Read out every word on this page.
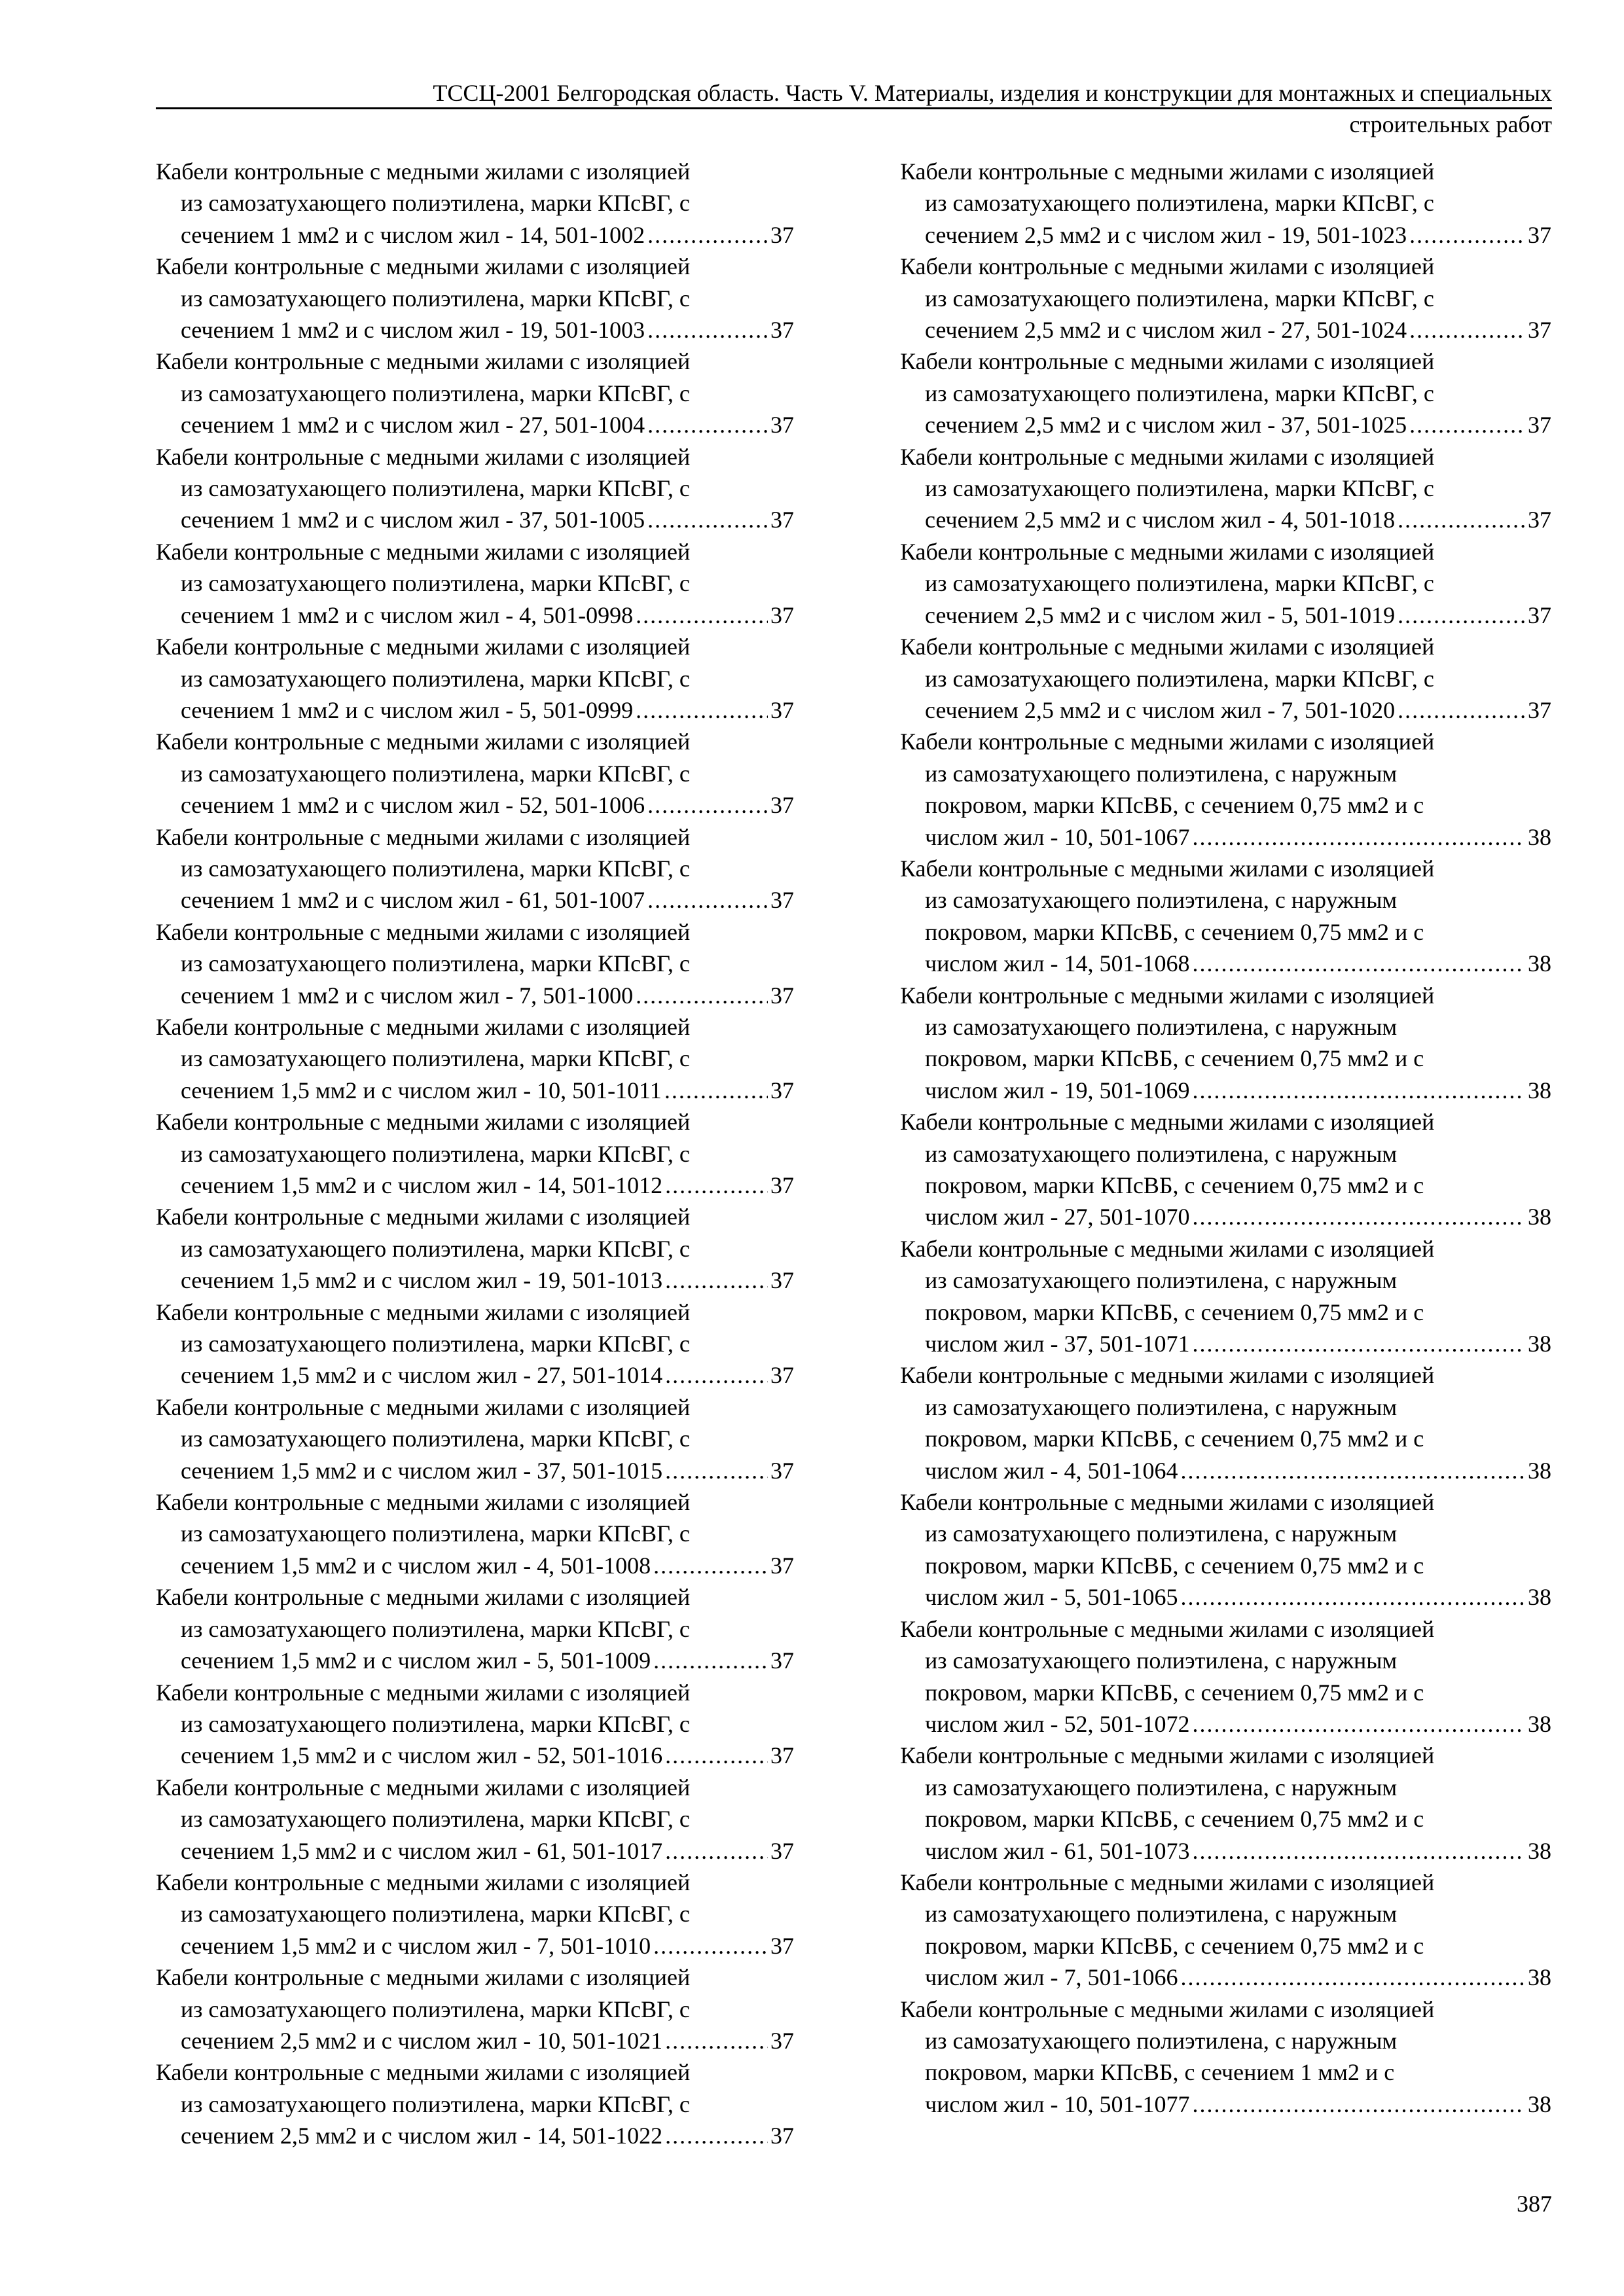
ТССЦ-2001 Белгородская область. Часть V. Материалы, изделия и конструкции для монтажных и специальных
строительных работ
Кабели контрольные с медными жилами с изоляцией
из самозатухающего полиэтилена, марки КПсВГ, с
сечением 1 мм2 и с числом жил - 14, 501-1002 .....	37
Кабели контрольные с медными жилами с изоляцией
из самозатухающего полиэтилена, марки КПсВГ, с
сечением 1 мм2 и с числом жил - 19, 501-1003 .....	37
Кабели контрольные с медными жилами с изоляцией
из самозатухающего полиэтилена, марки КПсВГ, с
сечением 1 мм2 и с числом жил - 27, 501-1004 .....	37
Кабели контрольные с медными жилами с изоляцией
из самозатухающего полиэтилена, марки КПсВГ, с
сечением 1 мм2 и с числом жил - 37, 501-1005 .....	37
Кабели контрольные с медными жилами с изоляцией
из самозатухающего полиэтилена, марки КПсВГ, с
сечением 1 мм2 и с числом жил - 4, 501-0998 .....	37
Кабели контрольные с медными жилами с изоляцией
из самозатухающего полиэтилена, марки КПсВГ, с
сечением 1 мм2 и с числом жил - 5, 501-0999 .....	37
Кабели контрольные с медными жилами с изоляцией
из самозатухающего полиэтилена, марки КПсВГ, с
сечением 1 мм2 и с числом жил - 52, 501-1006 .....	37
Кабели контрольные с медными жилами с изоляцией
из самозатухающего полиэтилена, марки КПсВГ, с
сечением 1 мм2 и с числом жил - 61, 501-1007 .....	37
Кабели контрольные с медными жилами с изоляцией
из самозатухающего полиэтилена, марки КПсВГ, с
сечением 1 мм2 и с числом жил - 7, 501-1000 .....	37
Кабели контрольные с медными жилами с изоляцией
из самозатухающего полиэтилена, марки КПсВГ, с
сечением 1,5 мм2 и с числом жил - 10, 501-1011 .....	37
Кабели контрольные с медными жилами с изоляцией
из самозатухающего полиэтилена, марки КПсВГ, с
сечением 1,5 мм2 и с числом жил - 14, 501-1012 .....	37
Кабели контрольные с медными жилами с изоляцией
из самозатухающего полиэтилена, марки КПсВГ, с
сечением 1,5 мм2 и с числом жил - 19, 501-1013 .....	37
Кабели контрольные с медными жилами с изоляцией
из самозатухающего полиэтилена, марки КПсВГ, с
сечением 1,5 мм2 и с числом жил - 27, 501-1014 .....	37
Кабели контрольные с медными жилами с изоляцией
из самозатухающего полиэтилена, марки КПсВГ, с
сечением 1,5 мм2 и с числом жил - 37, 501-1015 .....	37
Кабели контрольные с медными жилами с изоляцией
из самозатухающего полиэтилена, марки КПсВГ, с
сечением 1,5 мм2 и с числом жил - 4, 501-1008 .....	37
Кабели контрольные с медными жилами с изоляцией
из самозатухающего полиэтилена, марки КПсВГ, с
сечением 1,5 мм2 и с числом жил - 5, 501-1009 .....	37
Кабели контрольные с медными жилами с изоляцией
из самозатухающего полиэтилена, марки КПсВГ, с
сечением 1,5 мм2 и с числом жил - 52, 501-1016 .....	37
Кабели контрольные с медными жилами с изоляцией
из самозатухающего полиэтилена, марки КПсВГ, с
сечением 1,5 мм2 и с числом жил - 61, 501-1017 .....	37
Кабели контрольные с медными жилами с изоляцией
из самозатухающего полиэтилена, марки КПсВГ, с
сечением 1,5 мм2 и с числом жил - 7, 501-1010 .....	37
Кабели контрольные с медными жилами с изоляцией
из самозатухающего полиэтилена, марки КПсВГ, с
сечением 2,5 мм2 и с числом жил - 10, 501-1021 .....	37
Кабели контрольные с медными жилами с изоляцией
из самозатухающего полиэтилена, марки КПсВГ, с
сечением 2,5 мм2 и с числом жил - 14, 501-1022 .....	37
Кабели контрольные с медными жилами с изоляцией
из самозатухающего полиэтилена, марки КПсВГ, с
сечением 2,5 мм2 и с числом жил - 19, 501-1023 .....	37
Кабели контрольные с медными жилами с изоляцией
из самозатухающего полиэтилена, марки КПсВГ, с
сечением 2,5 мм2 и с числом жил - 27, 501-1024 .....	37
Кабели контрольные с медными жилами с изоляцией
из самозатухающего полиэтилена, марки КПсВГ, с
сечением 2,5 мм2 и с числом жил - 37, 501-1025 .....	37
Кабели контрольные с медными жилами с изоляцией
из самозатухающего полиэтилена, марки КПсВГ, с
сечением 2,5 мм2 и с числом жил - 4, 501-1018 .....	37
Кабели контрольные с медными жилами с изоляцией
из самозатухающего полиэтилена, марки КПсВГ, с
сечением 2,5 мм2 и с числом жил - 5, 501-1019 .....	37
Кабели контрольные с медными жилами с изоляцией
из самозатухающего полиэтилена, марки КПсВГ, с
сечением 2,5 мм2 и с числом жил - 7, 501-1020 .....	37
Кабели контрольные с медными жилами с изоляцией
из самозатухающего полиэтилена, с наружным
покровом, марки КПсВБ, с сечением 0,75 мм2 и с
числом жил - 10, 501-1067 .....	38
Кабели контрольные с медными жилами с изоляцией
из самозатухающего полиэтилена, с наружным
покровом, марки КПсВБ, с сечением 0,75 мм2 и с
числом жил - 14, 501-1068 .....	38
Кабели контрольные с медными жилами с изоляцией
из самозатухающего полиэтилена, с наружным
покровом, марки КПсВБ, с сечением 0,75 мм2 и с
числом жил - 19, 501-1069 .....	38
Кабели контрольные с медными жилами с изоляцией
из самозатухающего полиэтилена, с наружным
покровом, марки КПсВБ, с сечением 0,75 мм2 и с
числом жил - 27, 501-1070 .....	38
Кабели контрольные с медными жилами с изоляцией
из самозатухающего полиэтилена, с наружным
покровом, марки КПсВБ, с сечением 0,75 мм2 и с
числом жил - 37, 501-1071 .....	38
Кабели контрольные с медными жилами с изоляцией
из самозатухающего полиэтилена, с наружным
покровом, марки КПсВБ, с сечением 0,75 мм2 и с
числом жил - 4, 501-1064 .....	38
Кабели контрольные с медными жилами с изоляцией
из самозатухающего полиэтилена, с наружным
покровом, марки КПсВБ, с сечением 0,75 мм2 и с
числом жил - 5, 501-1065 .....	38
Кабели контрольные с медными жилами с изоляцией
из самозатухающего полиэтилена, с наружным
покровом, марки КПсВБ, с сечением 0,75 мм2 и с
числом жил - 52, 501-1072 .....	38
Кабели контрольные с медными жилами с изоляцией
из самозатухающего полиэтилена, с наружным
покровом, марки КПсВБ, с сечением 0,75 мм2 и с
числом жил - 61, 501-1073 .....	38
Кабели контрольные с медными жилами с изоляцией
из самозатухающего полиэтилена, с наружным
покровом, марки КПсВБ, с сечением 0,75 мм2 и с
числом жил - 7, 501-1066 .....	38
Кабели контрольные с медными жилами с изоляцией
из самозатухающего полиэтилена, с наружным
покровом, марки КПсВБ, с сечением 1 мм2 и с
числом жил - 10, 501-1077 .....	38
387
